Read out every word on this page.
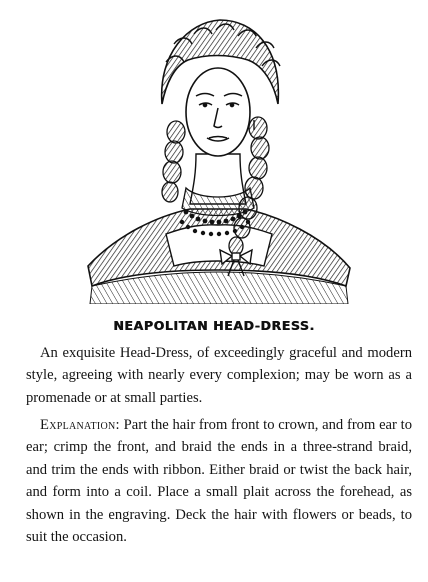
NEAPOLITAN HEAD-DRESS.

An exquisite Head-Dress, of exceedingly graceful and modern style, agreeing with nearly every complexion; may be worn as a promenade or at small parties.

Explanation: Part the hair from front to crown, and from ear to ear; crimp the front, and braid the ends in a three-strand braid, and trim the ends with ribbon. Either braid or twist the back hair, and form into a coil. Place a small plait across the forehead, as shown in the engraving. Deck the hair with flowers or beads, to suit the occasion.
